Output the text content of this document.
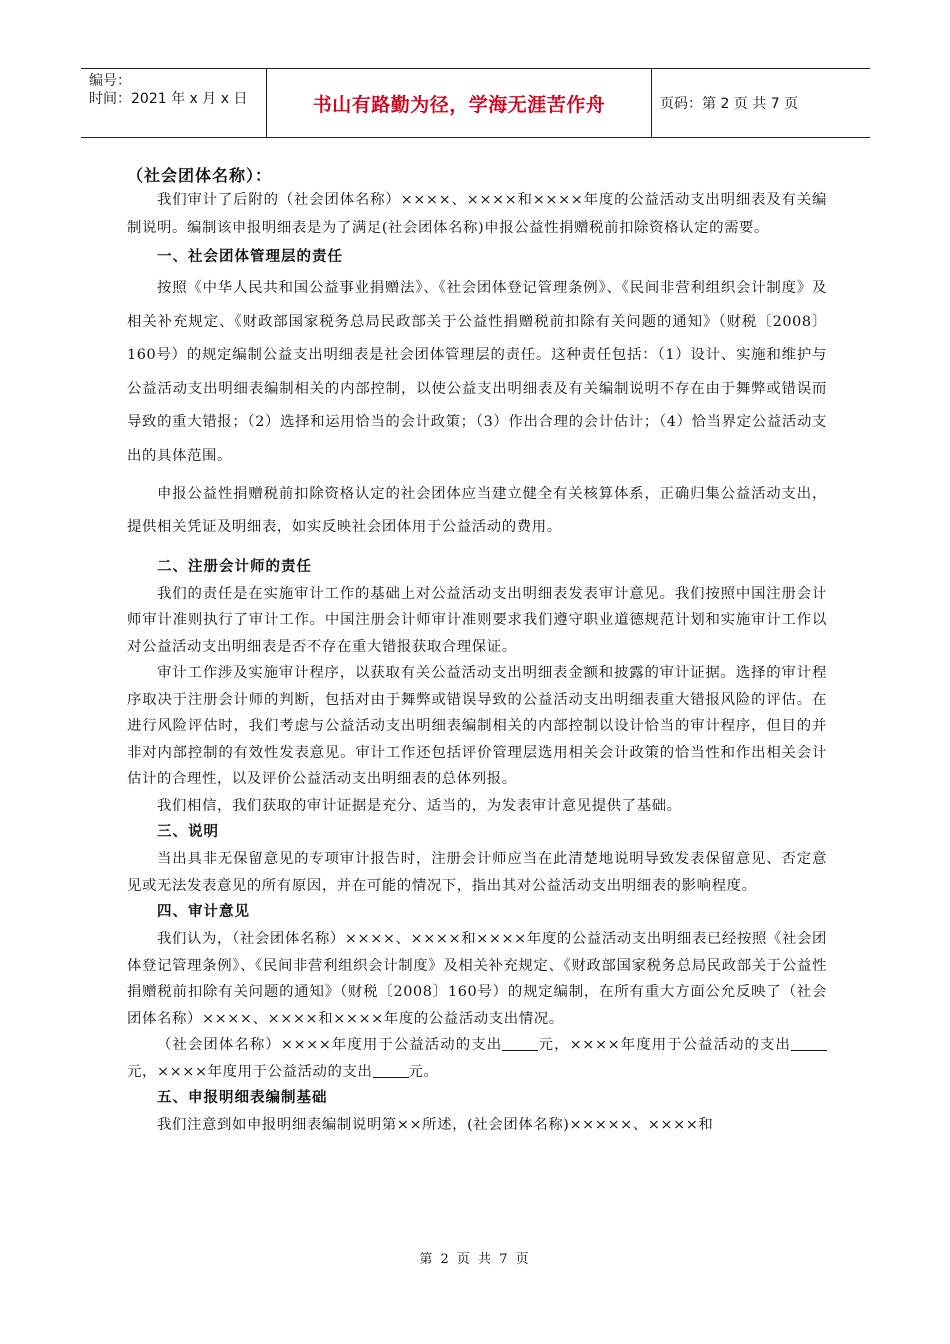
编号：
时间：2021 年 x 月 x 日	书山有路勤为径，学海无涯苦作舟	页码：第 2 页 共 7 页
（社会团体名称）：

我们审计了后附的（社会团体名称）××××、××××和××××年度的公益活动支出明细表及有关编制说明。编制该申报明细表是为了满足(社会团体名称)申报公益性捐赠税前扣除资格认定的需要。

一、社会团体管理层的责任

按照《中华人民共和国公益事业捐赠法》、《社会团体登记管理条例》、《民间非营利组织会计制度》及相关补充规定、《财政部国家税务总局民政部关于公益性捐赠税前扣除有关问题的通知》（财税〔2008〕160号）的规定编制公益支出明细表是社会团体管理层的责任。这种责任包括：（1）设计、实施和维护与公益活动支出明细表编制相关的内部控制，以使公益支出明细表及有关编制说明不存在由于舞弊或错误而导致的重大错报；（2）选择和运用恰当的会计政策；（3）作出合理的会计估计；（4）恰当界定公益活动支出的具体范围。

申报公益性捐赠税前扣除资格认定的社会团体应当建立健全有关核算体系，正确归集公益活动支出，提供相关凭证及明细表，如实反映社会团体用于公益活动的费用。

二、注册会计师的责任

我们的责任是在实施审计工作的基础上对公益活动支出明细表发表审计意见。我们按照中国注册会计师审计准则执行了审计工作。中国注册会计师审计准则要求我们遵守职业道德规范计划和实施审计工作以对公益活动支出明细表是否不存在重大错报获取合理保证。

审计工作涉及实施审计程序，以获取有关公益活动支出明细表金额和披露的审计证据。选择的审计程序取决于注册会计师的判断，包括对由于舞弊或错误导致的公益活动支出明细表重大错报风险的评估。在进行风险评估时，我们考虑与公益活动支出明细表编制相关的内部控制以设计恰当的审计程序，但目的并非对内部控制的有效性发表意见。审计工作还包括评价管理层选用相关会计政策的恰当性和作出相关会计估计的合理性，以及评价公益活动支出明细表的总体列报。

我们相信，我们获取的审计证据是充分、适当的，为发表审计意见提供了基础。

三、说明

当出具非无保留意见的专项审计报告时，注册会计师应当在此清楚地说明导致发表保留意见、否定意见或无法发表意见的所有原因，并在可能的情况下，指出其对公益活动支出明细表的影响程度。

四、审计意见

我们认为，（社会团体名称）××××、××××和××××年度的公益活动支出明细表已经按照《社会团体登记管理条例》、《民间非营利组织会计制度》及相关补充规定、《财政部国家税务总局民政部关于公益性捐赠税前扣除有关问题的通知》（财税〔2008〕160号）的规定编制，在所有重大方面公允反映了（社会团体名称）××××、××××和××××年度的公益活动支出情况。

（社会团体名称）××××年度用于公益活动的支出	元，××××年度用于公益活动的支出元，××××年度用于公益活动的支出	元。

五、申报明细表编制基础

我们注意到如申报明细表编制说明第××所述，(社会团体名称)×××××、××××和

第 2 页 共 7 页
